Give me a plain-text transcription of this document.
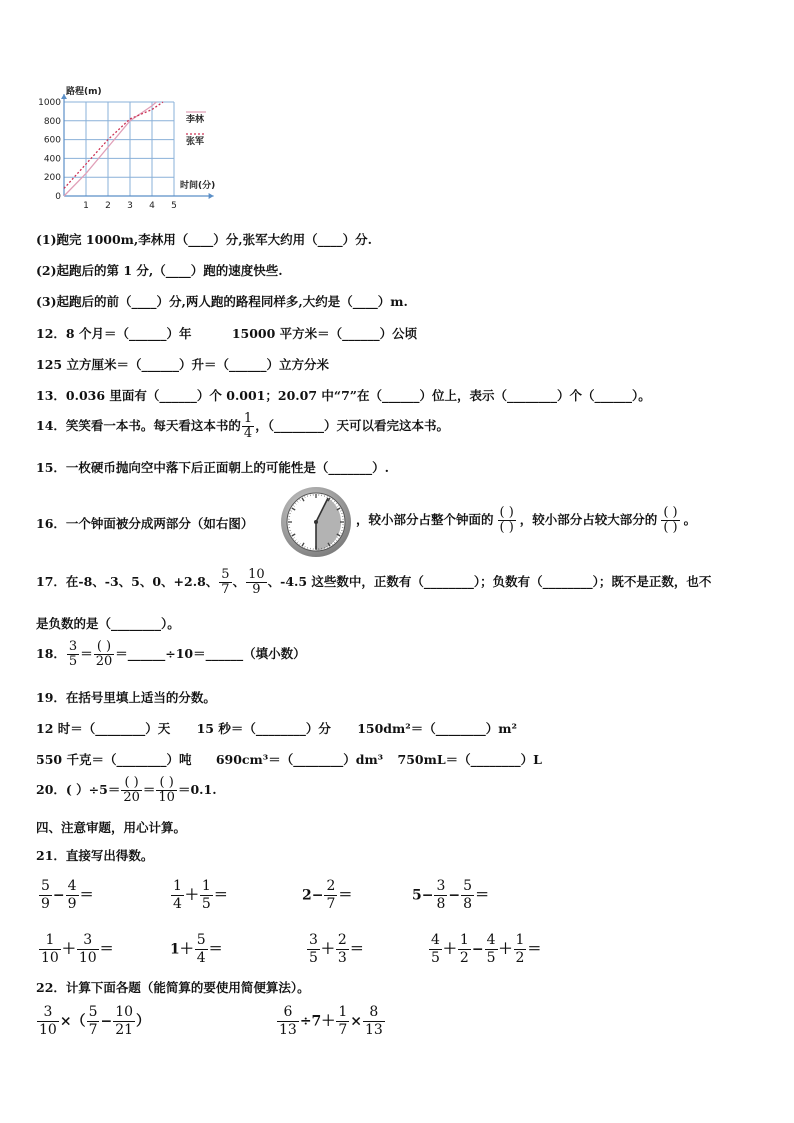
0
200
400
600
800
1000
1 2 3 4 5
路程(m)
时间(分)
李林
张军
(1)跑完 1000m,李林用（____）分,张军大约用（____）分.
(2)起跑后的第 1 分,（____）跑的速度快些.
(3)起跑后的前（____）分,两人跑的路程同样多,大约是（____）m.
12．8 个月＝（______）年	15000 平方米＝（______）公顷
125 立方厘米＝（______）升＝（______）立方分米
13．0.036 里面有（______）个 0.001；20.07 中“7”在（______）位上，表示（________）个（______）。
14．笑笑看一本书。每天看这本书的 $\frac{1}{4}$ ，（________）天可以看完这本书。
15．一枚硬币抛向空中落下后正面朝上的可能性是（_______）.
16．一个钟面被分成两部分（如右图）	，较小部分占整个钟面的 $\frac{( )}{( )}$ ，较小部分占较大部分的 $\frac{( )}{( )}$ 。
17．在-8、-3、5、0、+2.8、 $\frac{5}{7}$ 、 $\frac{10}{9}$ 、-4.5 这些数中，正数有（________）；负数有（________）；既不是正数，也不
是负数的是（________）。
18． $\frac{3}{5} = \frac{( )}{20}$ ＝______÷10＝______（填小数）
19．在括号里填上适当的分数。
12 时＝（________）天 15 秒＝（________）分 150dm²＝（________）m²
550 千克＝（________）吨 690cm³＝（________）dm³ 750mL＝（________）L
20．( ）$\div 5= \frac{( )}{20} = \frac{( )}{10} =0.1$.
四、注意审题，用心计算。
21．直接写出得数。
$\frac{5}{9} - \frac{4}{9}$ ＝	$\frac{1}{4} + \frac{1}{5}$ ＝	$2- \frac{2}{7}$ ＝	$5- \frac{3}{8} - \frac{5}{8}$ ＝
$\frac{1}{10} + \frac{3}{10}$ ＝	$1+ \frac{5}{4}$ ＝	$\frac{3}{5} + \frac{2}{3}$ ＝	$\frac{4}{5} + \frac{1}{2} - \frac{4}{5} + \frac{1}{2}$ ＝
22．计算下面各题（能简算的要使用简便算法）。
$\frac{3}{10}$ ×（ $\frac{5}{7} - \frac{10}{21}$ ）	$\frac{6}{13} \div 7+ \frac{1}{7} \times \frac{8}{13}$
